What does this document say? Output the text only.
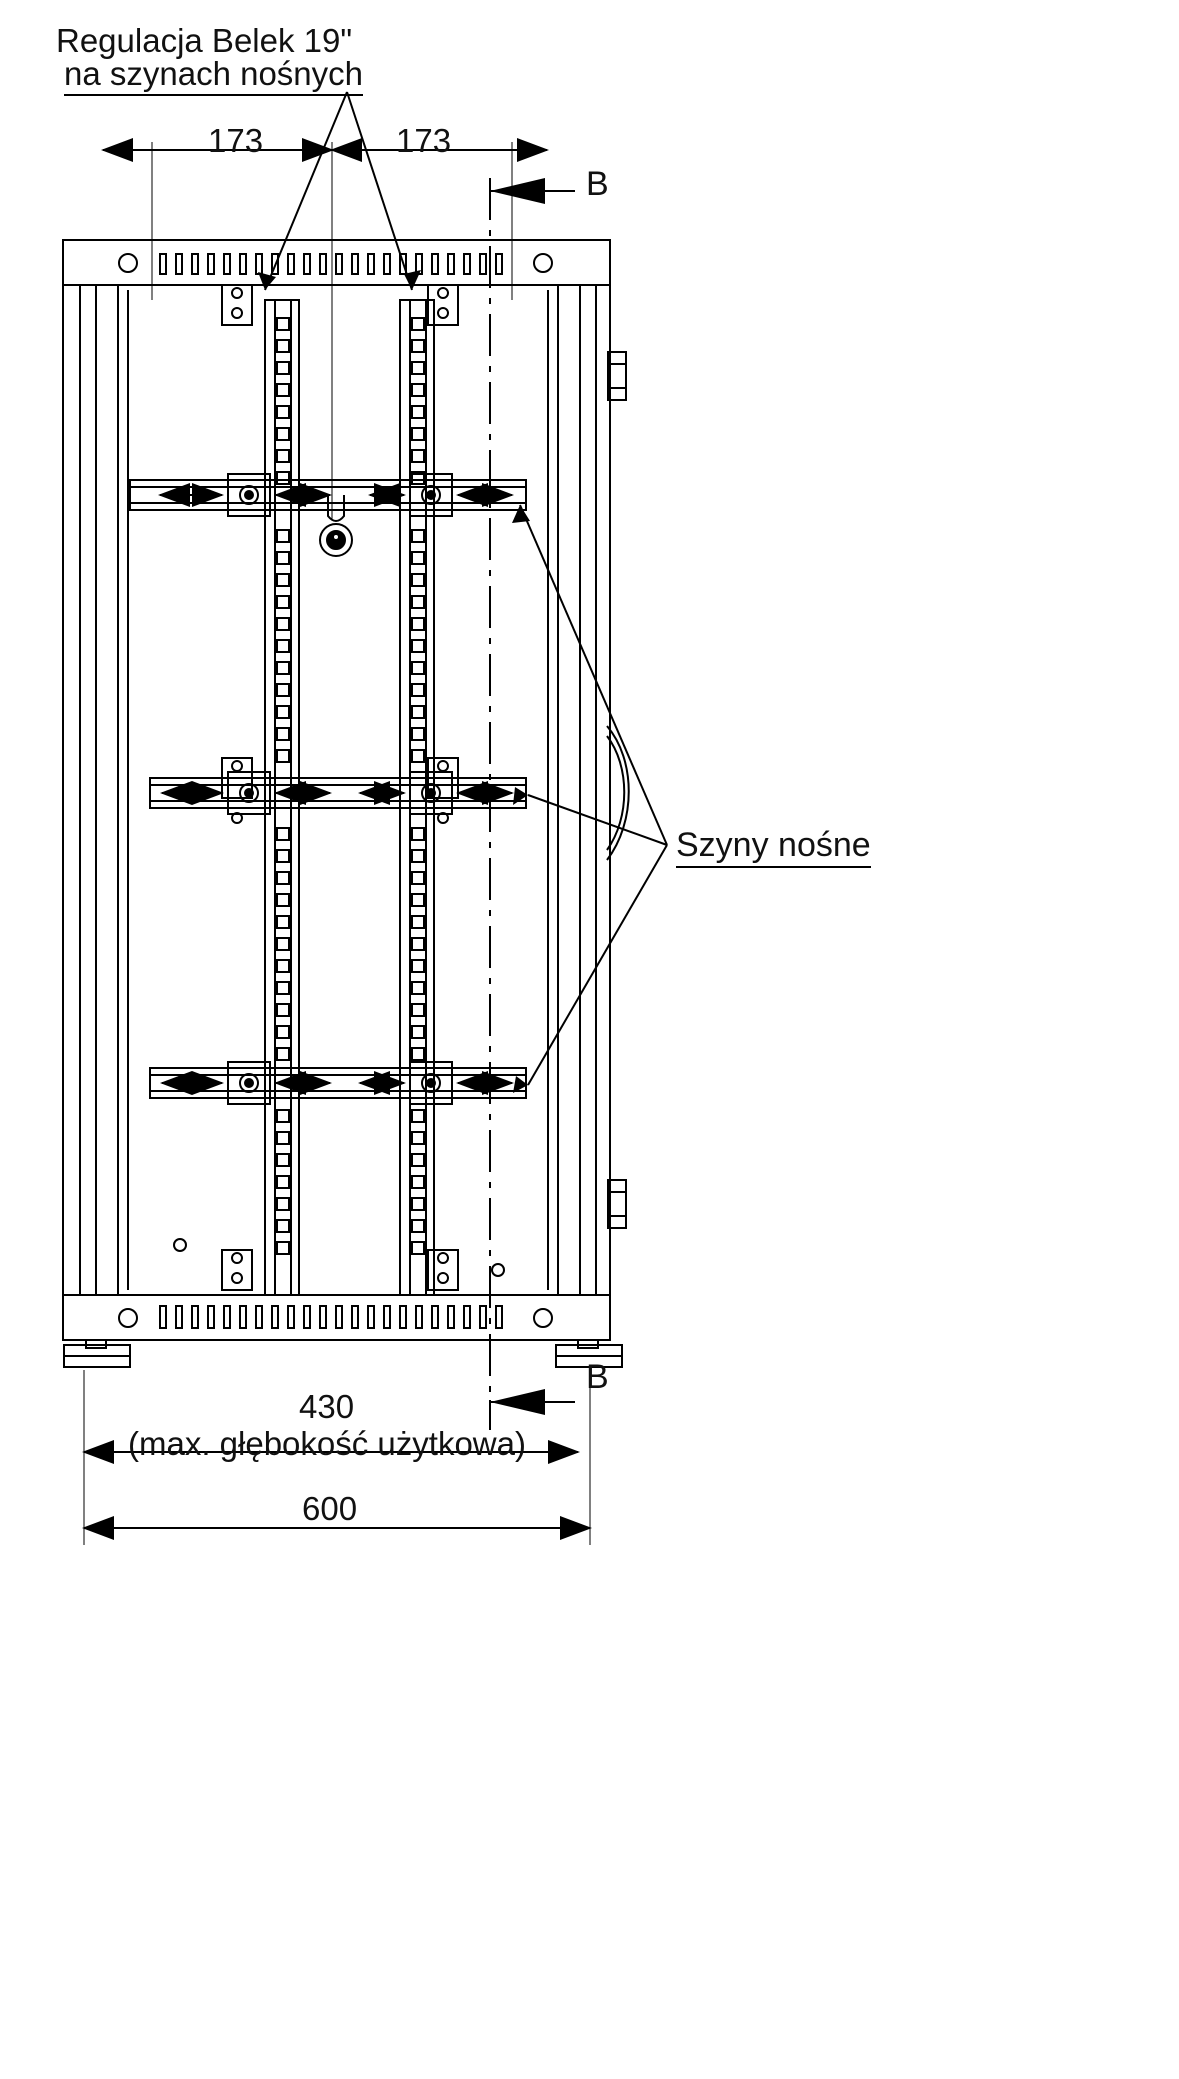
Regulacja Belek 19"
na szynach nośnych
173	173
B
B
Szyny nośne
430
(max. głębokość użytkowa)
600
